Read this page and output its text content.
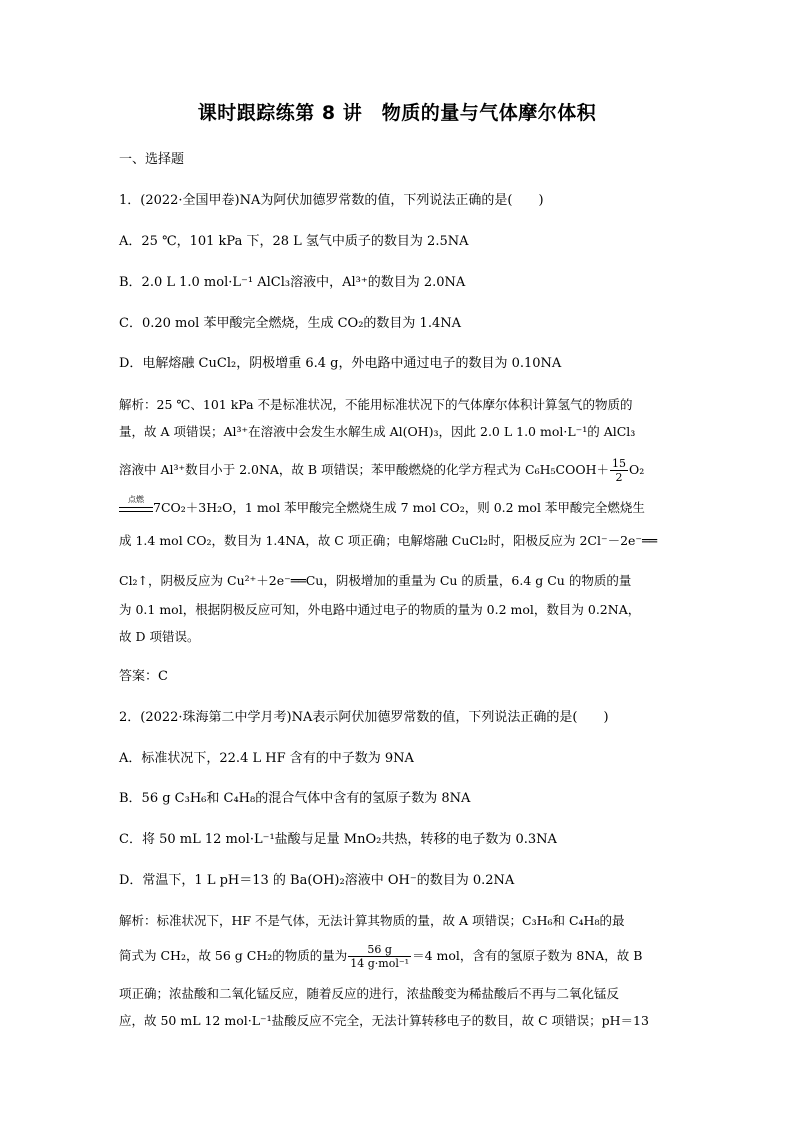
课时跟踪练第 8 讲　物质的量与气体摩尔体积
一、选择题
1．(2022·全国甲卷)NA为阿伏加德罗常数的值，下列说法正确的是(　　)
A．25 ℃，101 kPa 下，28 L 氢气中质子的数目为 2.5NA
B．2.0 L 1.0 mol·L⁻¹ AlCl₃溶液中，Al³⁺的数目为 2.0NA
C．0.20 mol 苯甲酸完全燃烧，生成 CO₂的数目为 1.4NA
D．电解熔融 CuCl₂，阴极增重 6.4 g，外电路中通过电子的数目为 0.10NA
解析：25 ℃、101 kPa 不是标准状况，不能用标准状况下的气体摩尔体积计算氢气的物质的
量，故 A 项错误；Al³⁺在溶液中会发生水解生成 Al(OH)₃，因此 2.0 L 1.0 mol·L⁻¹的 AlCl₃
溶液中 Al³⁺数目小于 2.0NA，故 B 项错误；苯甲酸燃烧的化学方程式为 C₆H₅COOH＋ $\frac{15}{2} O_2$
点燃
7CO₂＋3H₂O，1 mol 苯甲酸完全燃烧生成 7 mol CO₂，则 0.2 mol 苯甲酸完全燃烧生
成 1.4 mol CO₂，数目为 1.4NA，故 C 项正确；电解熔融 CuCl₂时，阳极反应为 2Cl⁻－2e⁻══
Cl₂↑，阴极反应为 Cu²⁺＋2e⁻══Cu，阴极增加的重量为 Cu 的质量，6.4 g Cu 的物质的量
为 0.1 mol，根据阴极反应可知，外电路中通过电子的物质的量为 0.2 mol，数目为 0.2NA，
故 D 项错误。
答案：C
2．(2022·珠海第二中学月考)NA表示阿伏加德罗常数的值，下列说法正确的是(　　)
A．标准状况下，22.4 L HF 含有的中子数为 9NA
B．56 g C₃H₆和 C₄H₈的混合气体中含有的氢原子数为 8NA
C．将 50 mL 12 mol·L⁻¹盐酸与足量 MnO₂共热，转移的电子数为 0.3NA
D．常温下，1 L pH＝13 的 Ba(OH)₂溶液中 OH⁻的数目为 0.2NA
解析：标准状况下，HF 不是气体，无法计算其物质的量，故 A 项错误；C₃H₆和 C₄H₈的最
简式为 CH₂，故 56 g CH₂的物质的量为 $\frac{56 g}{\text{14 g·mol⁻¹}} =4$ mol，含有的氢原子数为 8NA，故 B
项正确；浓盐酸和二氧化锰反应，随着反应的进行，浓盐酸变为稀盐酸后不再与二氧化锰反
应，故 50 mL 12 mol·L⁻¹盐酸反应不完全，无法计算转移电子的数目，故 C 项错误；pH＝13
